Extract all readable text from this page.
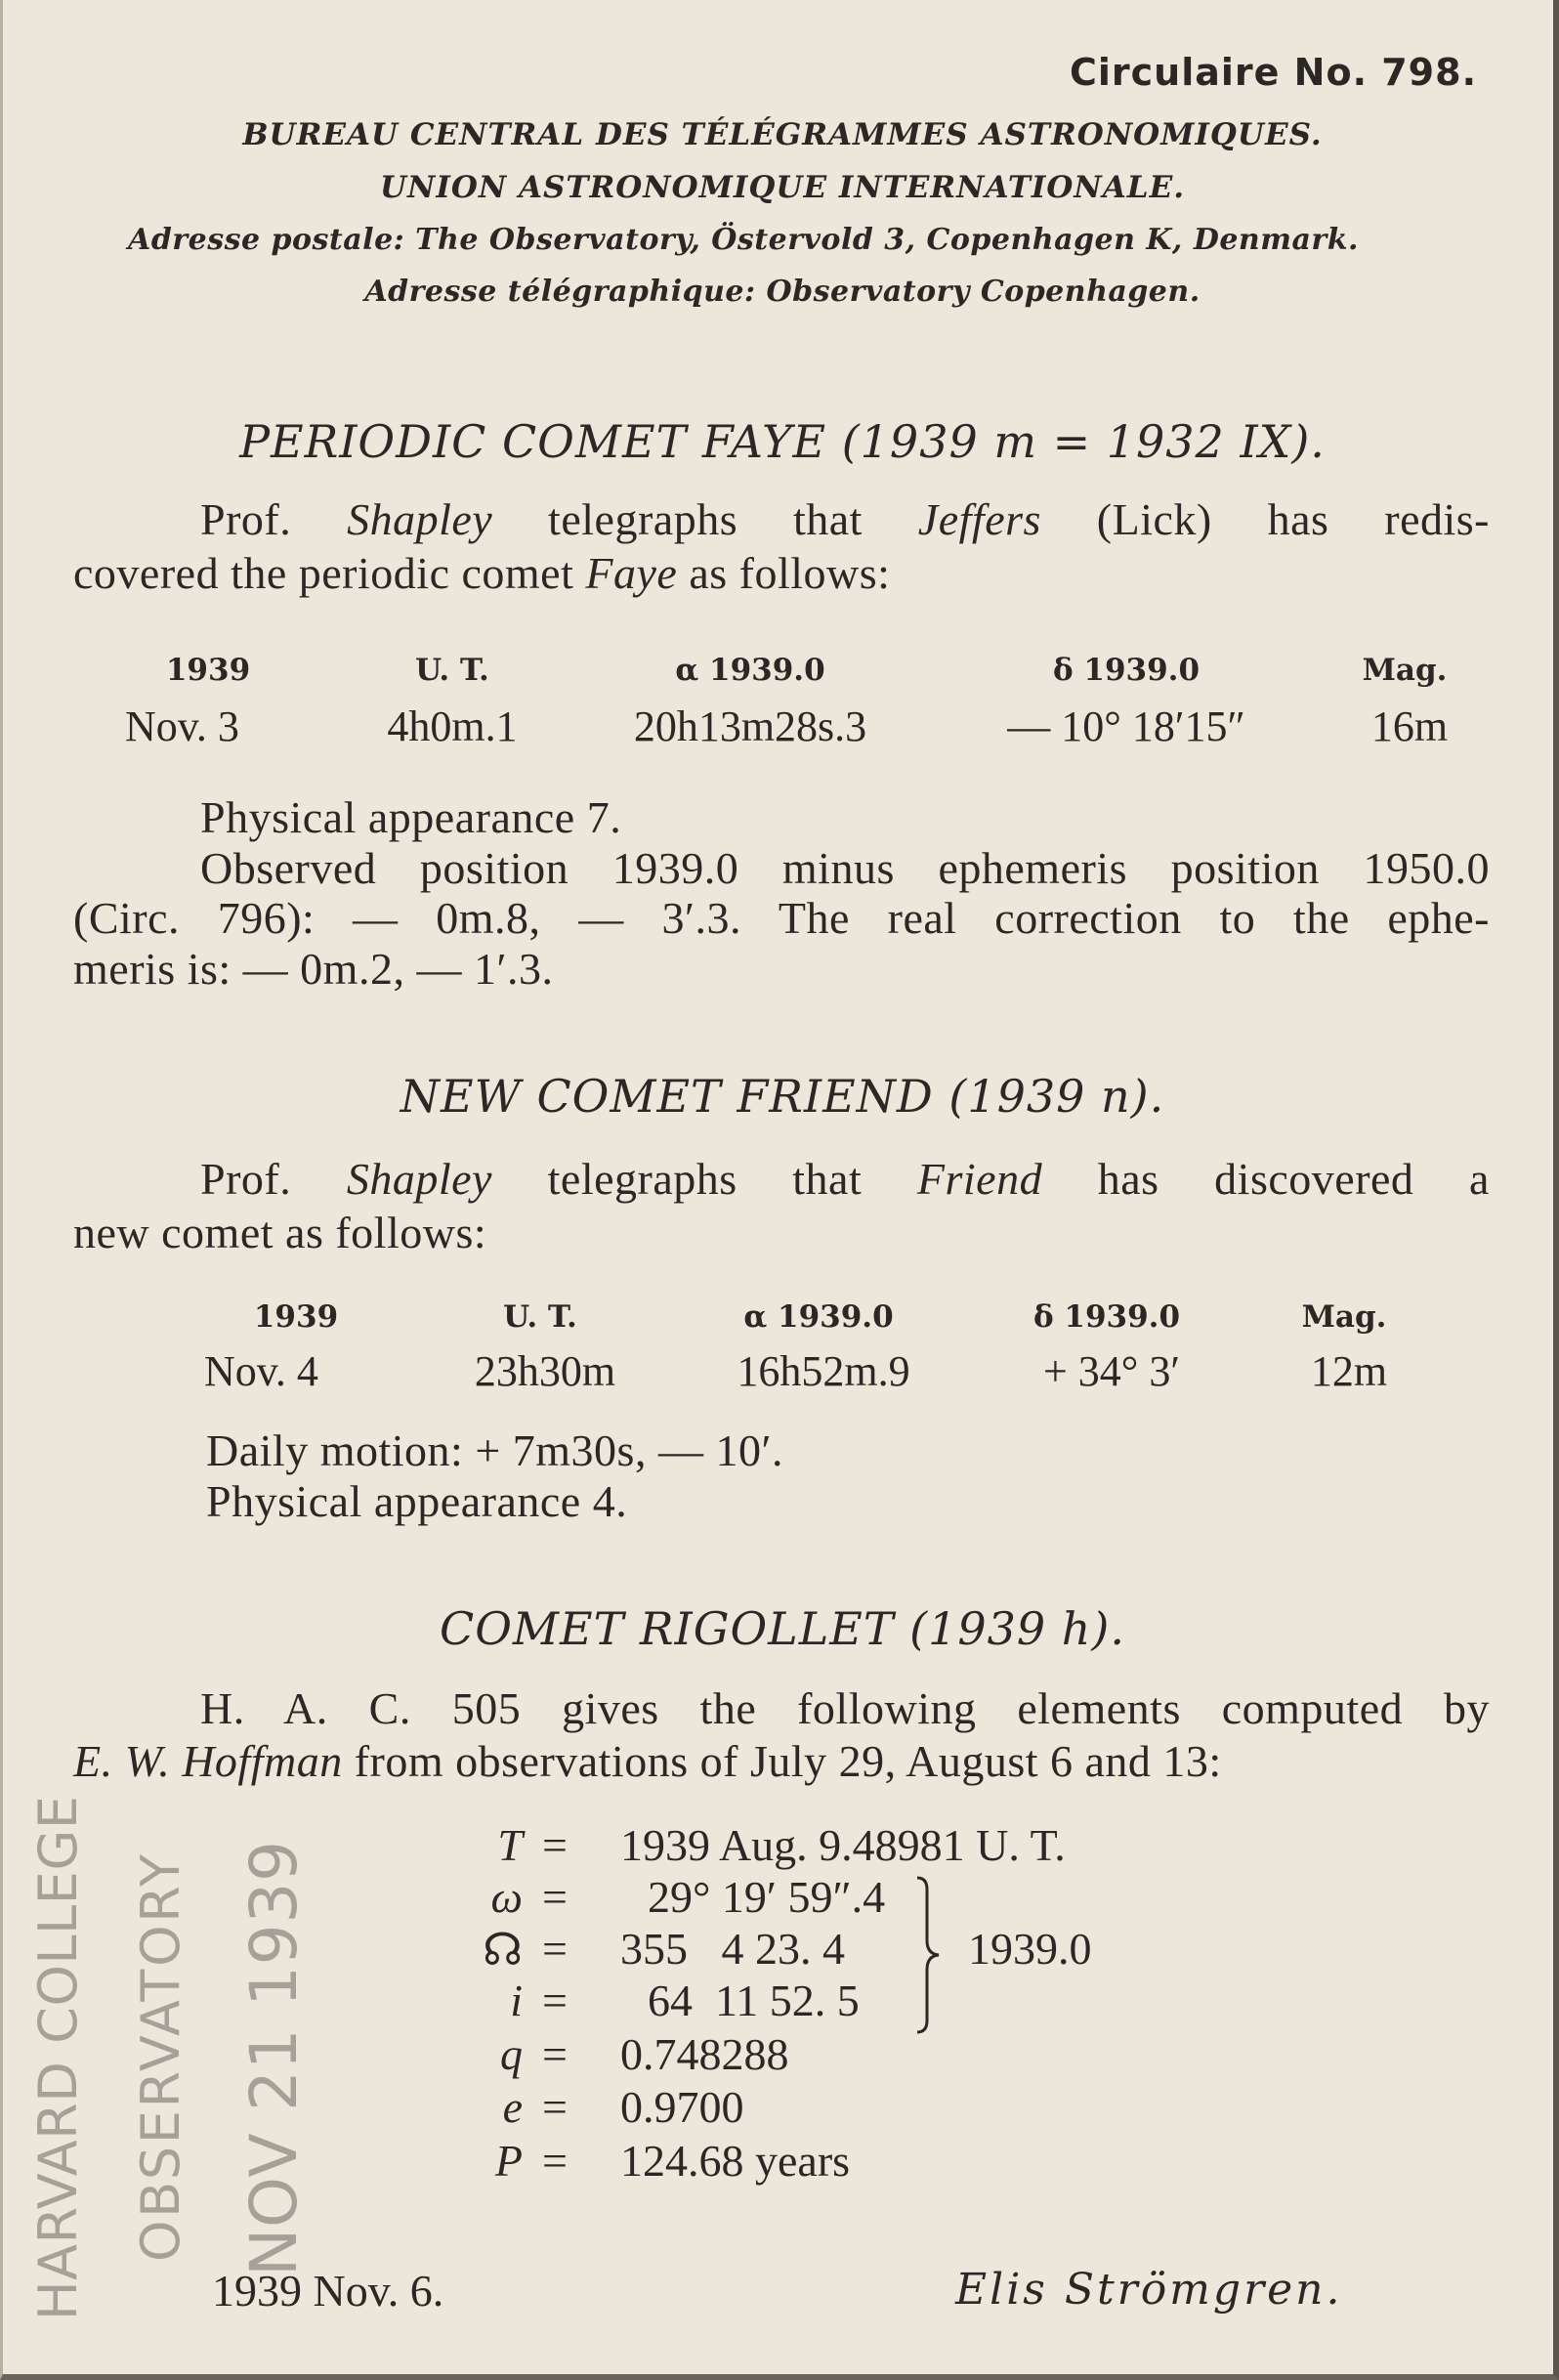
Circulaire No. 798.
BUREAU CENTRAL DES TÉLÉGRAMMES ASTRONOMIQUES.
UNION ASTRONOMIQUE INTERNATIONALE.
Adresse postale: The Observatory, Östervold 3, Copenhagen K, Denmark.
Adresse télégraphique: Observatory Copenhagen.
PERIODIC COMET FAYE (1939 m = 1932 IX).
Prof. Shapley telegraphs that Jeffers (Lick) has redis-
covered the periodic comet Faye as follows:
1939	U. T.	α 1939.0	δ 1939.0	Mag.
Nov. 3	4h0m.1	20h13m28s.3	— 10° 18′15″	16m
Physical appearance 7.
Observed position 1939.0 minus ephemeris position 1950.0
(Circ. 796): — 0m.8, — 3′.3. The real correction to the ephe-
meris is: — 0m.2, — 1′.3.
NEW COMET FRIEND (1939 n).
Prof. Shapley telegraphs that Friend has discovered a
new comet as follows:
1939	U. T.	α 1939.0	δ 1939.0	Mag.
Nov. 4	23h30m	16h52m.9	+ 34° 3′	12m
Daily motion: + 7m30s, — 10′.
Physical appearance 4.
COMET RIGOLLET (1939 h).
H. A. C. 505 gives the following elements computed by
E. W. Hoffman from observations of July 29, August 6 and 13:
T = 1939 Aug. 9.48981 U. T.
ω = 29° 19′ 59″.4
☊ = 355   4 23. 4
i = 64  11 52. 5
1939.0
q = 0.748288
e = 0.9700
P = 124.68 years
HARVARD COLLEGE
OBSERVATORY
NOV 21 1939
1939 Nov. 6.	Elis Strömgren.
